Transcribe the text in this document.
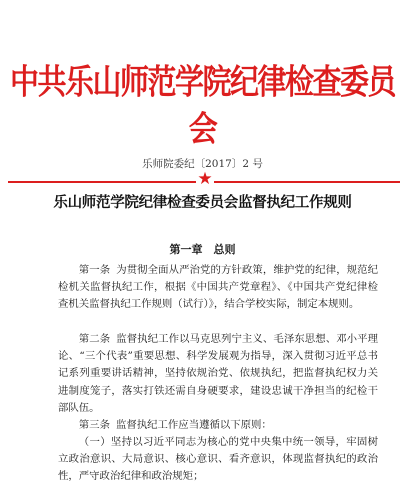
中共乐山师范学院纪律检查委员会
乐师院委纪〔2017〕2 号
★
乐山师范学院纪律检查委员会监督执纪工作规则
第一章　总则

第一条 为贯彻全面从严治党的方针政策，维护党的纪律，规范纪检机关监督执纪工作，根据《中国共产党章程》、《中国共产党纪律检查机关监督执纪工作规则（试行）》，结合学校实际，制定本规则。

第二条 监督执纪工作以马克思列宁主义、毛泽东思想、邓小平理论、“三个代表”重要思想、科学发展观为指导，深入贯彻习近平总书记系列重要讲话精神，坚持依规治党、依规执纪，把监督执纪权力关进制度笼子，落实打铁还需自身硬要求，建设忠诚干净担当的纪检干部队伍。

第三条 监督执纪工作应当遵循以下原则：

（一）坚持以习近平同志为核心的党中央集中统一领导，牢固树立政治意识、大局意识、核心意识、看齐意识，体现监督执纪的政治性，严守政治纪律和政治规矩；
